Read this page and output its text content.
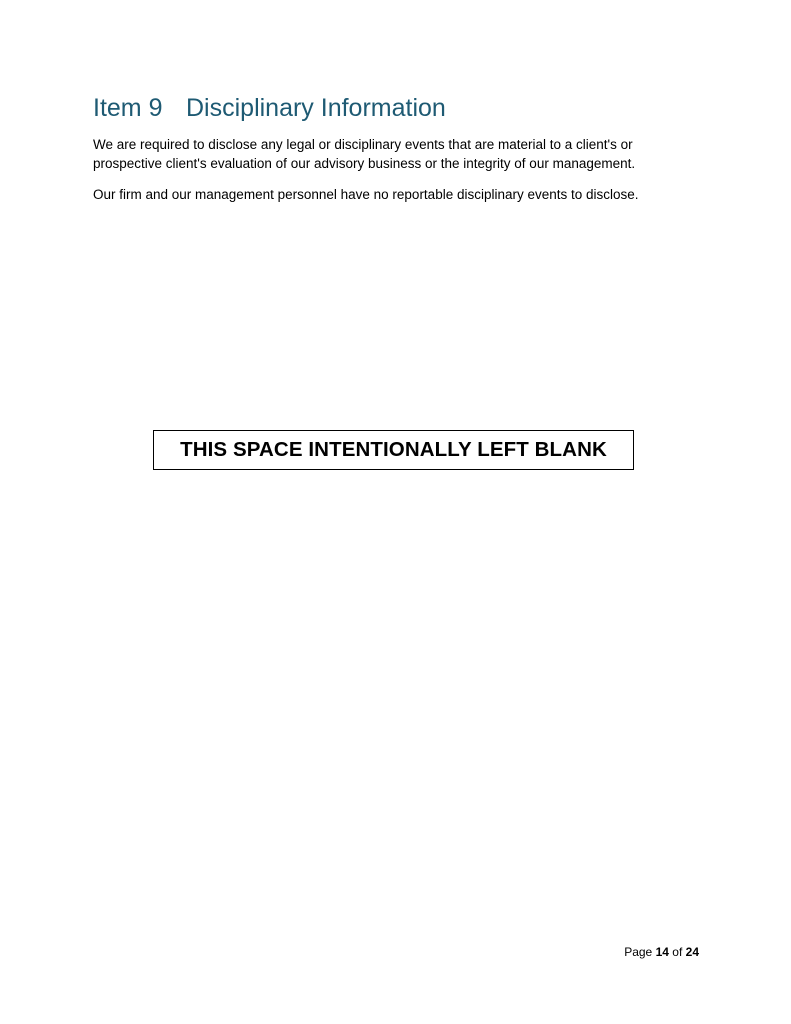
Item 9 Disciplinary Information

We are required to disclose any legal or disciplinary events that are material to a client's or prospective client's evaluation of our advisory business or the integrity of our management.

Our firm and our management personnel have no reportable disciplinary events to disclose.

THIS SPACE INTENTIONALLY LEFT BLANK
Page 14 of 24
